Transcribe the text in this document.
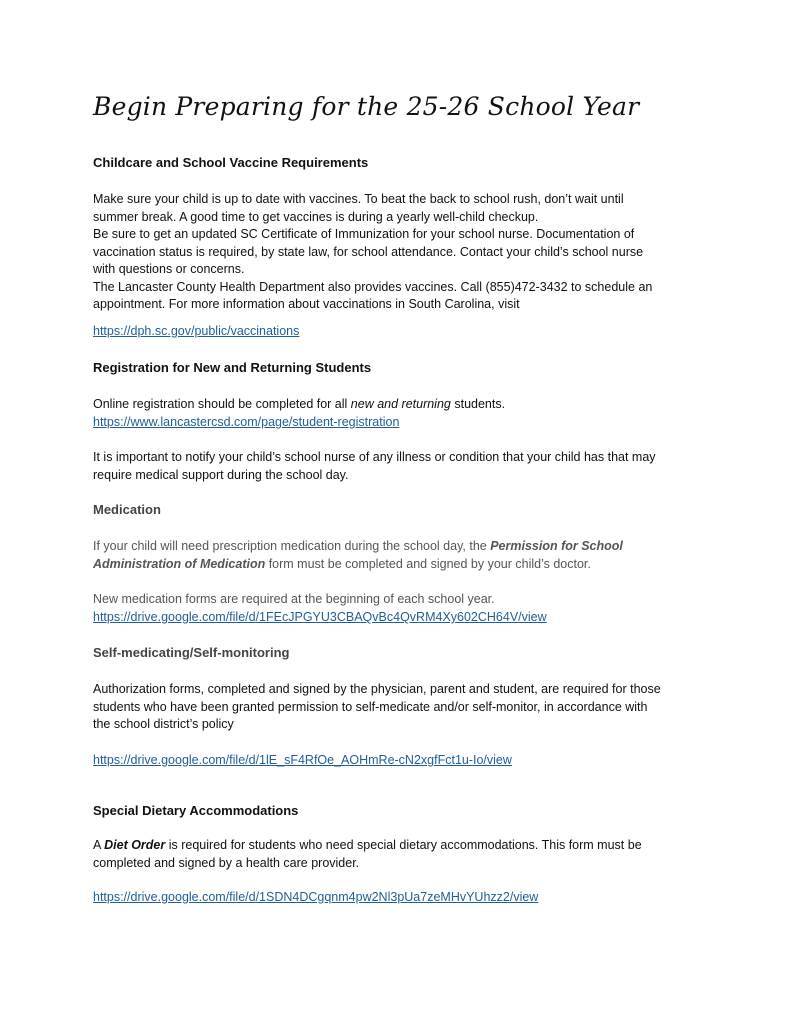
Begin Preparing for the 25-26 School Year
Childcare and School Vaccine Requirements
Make sure your child is up to date with vaccines. To beat the back to school rush, don’t wait until
summer break. A good time to get vaccines is during a yearly well-child checkup.
Be sure to get an updated SC Certificate of Immunization for your school nurse. Documentation of
vaccination status is required, by state law, for school attendance. Contact your child’s school nurse
with questions or concerns.
The Lancaster County Health Department also provides vaccines. Call (855)472-3432 to schedule an
appointment. For more information about vaccinations in South Carolina, visit
https://dph.sc.gov/public/vaccinations
Registration for New and Returning Students
Online registration should be completed for all new and returning students.
https://www.lancastercsd.com/page/student-registration
It is important to notify your child’s school nurse of any illness or condition that your child has that may
require medical support during the school day.
Medication
If your child will need prescription medication during the school day, the Permission for School
Administration of Medication form must be completed and signed by your child’s doctor.
New medication forms are required at the beginning of each school year.
https://drive.google.com/file/d/1FEcJPGYU3CBAQvBc4QvRM4Xy602CH64V/view
Self-medicating/Self-monitoring
Authorization forms, completed and signed by the physician, parent and student, are required for those
students who have been granted permission to self-medicate and/or self-monitor, in accordance with
the school district’s policy
https://drive.google.com/file/d/1lE_sF4RfOe_AOHmRe-cN2xgfFct1u-Io/view
Special Dietary Accommodations
A Diet Order is required for students who need special dietary accommodations. This form must be
completed and signed by a health care provider.
https://drive.google.com/file/d/1SDN4DCgqnm4pw2Nl3pUa7zeMHvYUhzz2/view
